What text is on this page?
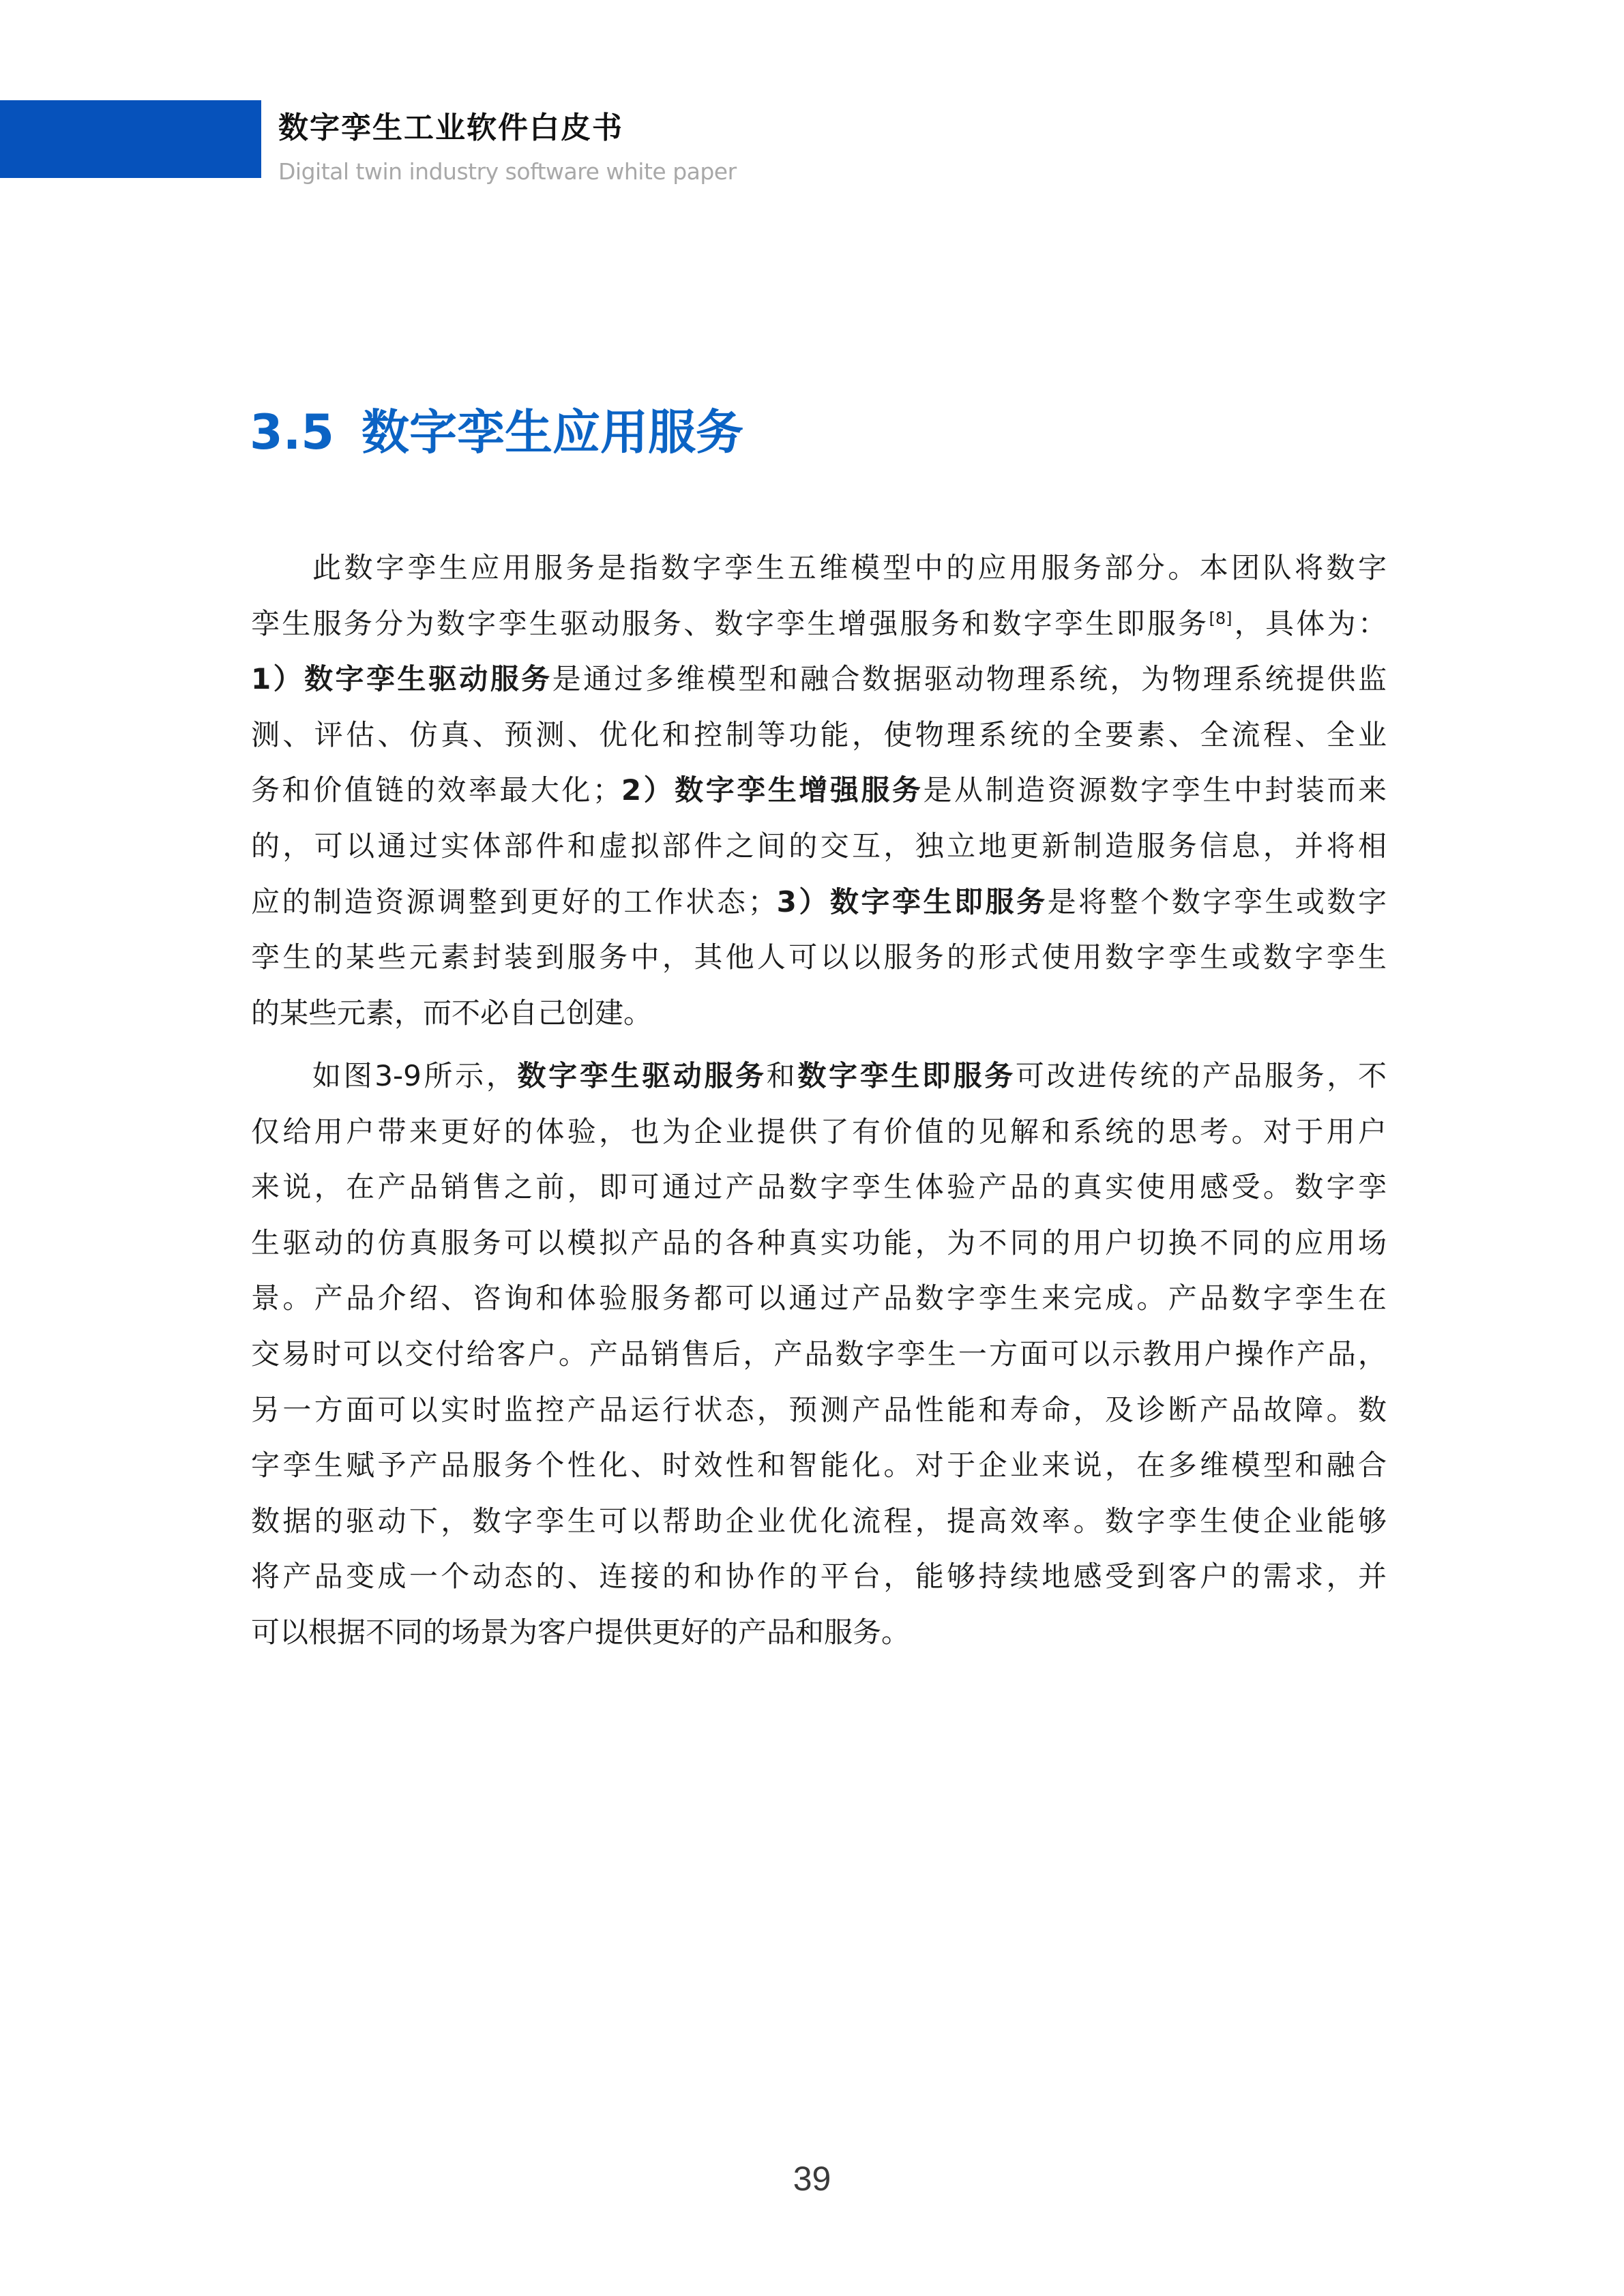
数字孪生工业软件白皮书
Digital twin industry software white paper
3.5 数字孪生应用服务
此数字孪生应用服务是指数字孪生五维模型中的应用服务部分。本团队将数字
孪生服务分为数字孪生驱动服务、数字孪生增强服务和数字孪生即服务[8]，具体为：
1）数字孪生驱动服务是通过多维模型和融合数据驱动物理系统，为物理系统提供监
测、评估、仿真、预测、优化和控制等功能，使物理系统的全要素、全流程、全业
务和价值链的效率最大化；2）数字孪生增强服务是从制造资源数字孪生中封装而来
的，可以通过实体部件和虚拟部件之间的交互，独立地更新制造服务信息，并将相
应的制造资源调整到更好的工作状态；3）数字孪生即服务是将整个数字孪生或数字
孪生的某些元素封装到服务中，其他人可以以服务的形式使用数字孪生或数字孪生
的某些元素，而不必自己创建。
如图3-9所示，数字孪生驱动服务和数字孪生即服务可改进传统的产品服务，不
仅给用户带来更好的体验，也为企业提供了有价值的见解和系统的思考。对于用户
来说，在产品销售之前，即可通过产品数字孪生体验产品的真实使用感受。数字孪
生驱动的仿真服务可以模拟产品的各种真实功能，为不同的用户切换不同的应用场
景。产品介绍、咨询和体验服务都可以通过产品数字孪生来完成。产品数字孪生在
交易时可以交付给客户。产品销售后，产品数字孪生一方面可以示教用户操作产品，
另一方面可以实时监控产品运行状态，预测产品性能和寿命，及诊断产品故障。数
字孪生赋予产品服务个性化、时效性和智能化。对于企业来说，在多维模型和融合
数据的驱动下，数字孪生可以帮助企业优化流程，提高效率。数字孪生使企业能够
将产品变成一个动态的、连接的和协作的平台，能够持续地感受到客户的需求，并
可以根据不同的场景为客户提供更好的产品和服务。
39
